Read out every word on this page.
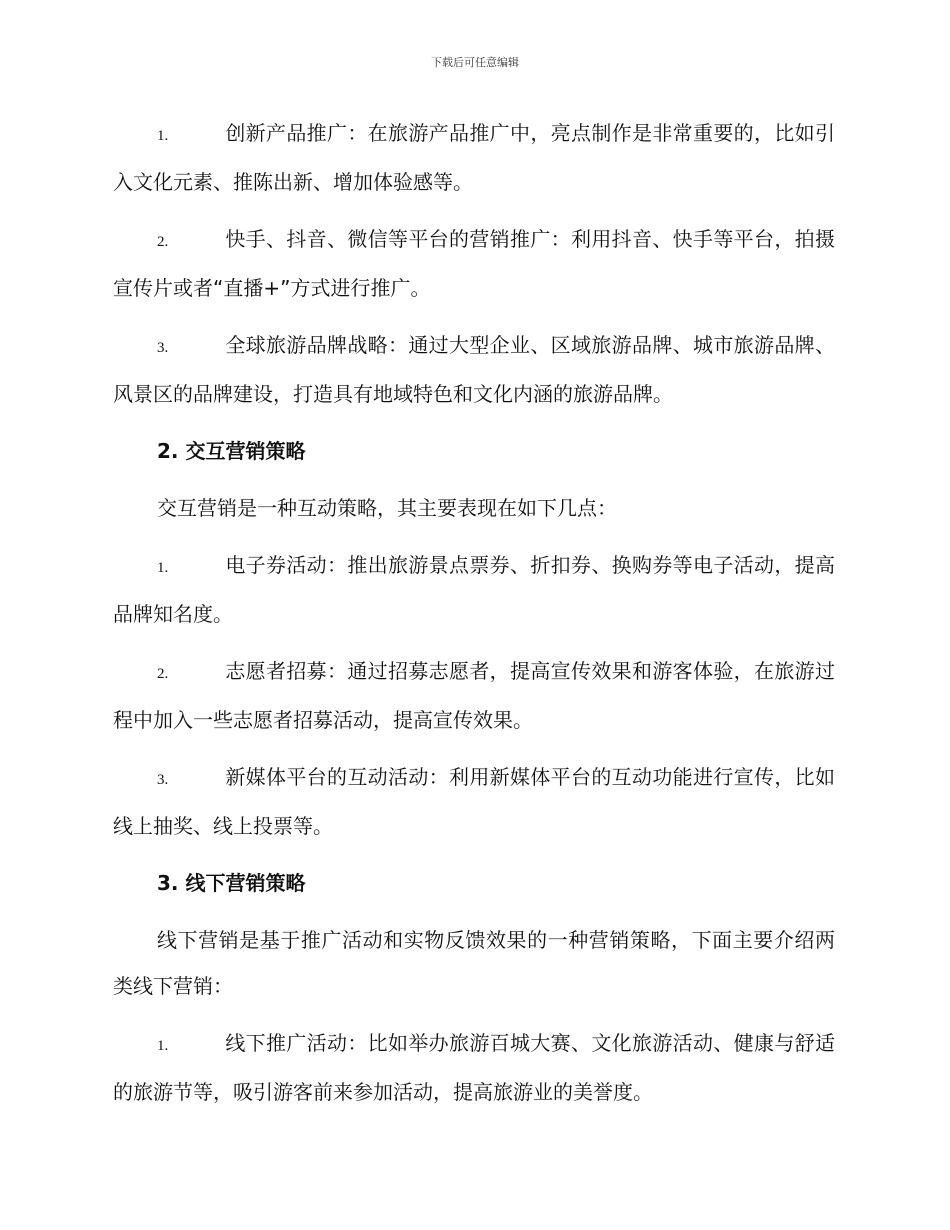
下载后可任意编辑

1.	创新产品推广：在旅游产品推广中，亮点制作是非常重要的，比如引入文化元素、推陈出新、增加体验感等。

2.	快手、抖音、微信等平台的营销推广：利用抖音、快手等平台，拍摄宣传片或者“直播+”方式进行推广。

3.	全球旅游品牌战略：通过大型企业、区域旅游品牌、城市旅游品牌、风景区的品牌建设，打造具有地域特色和文化内涵的旅游品牌。

2. 交互营销策略

交互营销是一种互动策略，其主要表现在如下几点：

1.	电子券活动：推出旅游景点票券、折扣券、换购券等电子活动，提高品牌知名度。

2.	志愿者招募：通过招募志愿者，提高宣传效果和游客体验，在旅游过程中加入一些志愿者招募活动，提高宣传效果。

3.	新媒体平台的互动活动：利用新媒体平台的互动功能进行宣传，比如线上抽奖、线上投票等。

3. 线下营销策略

线下营销是基于推广活动和实物反馈效果的一种营销策略，下面主要介绍两类线下营销：

1.	线下推广活动：比如举办旅游百城大赛、文化旅游活动、健康与舒适的旅游节等，吸引游客前来参加活动，提高旅游业的美誉度。
